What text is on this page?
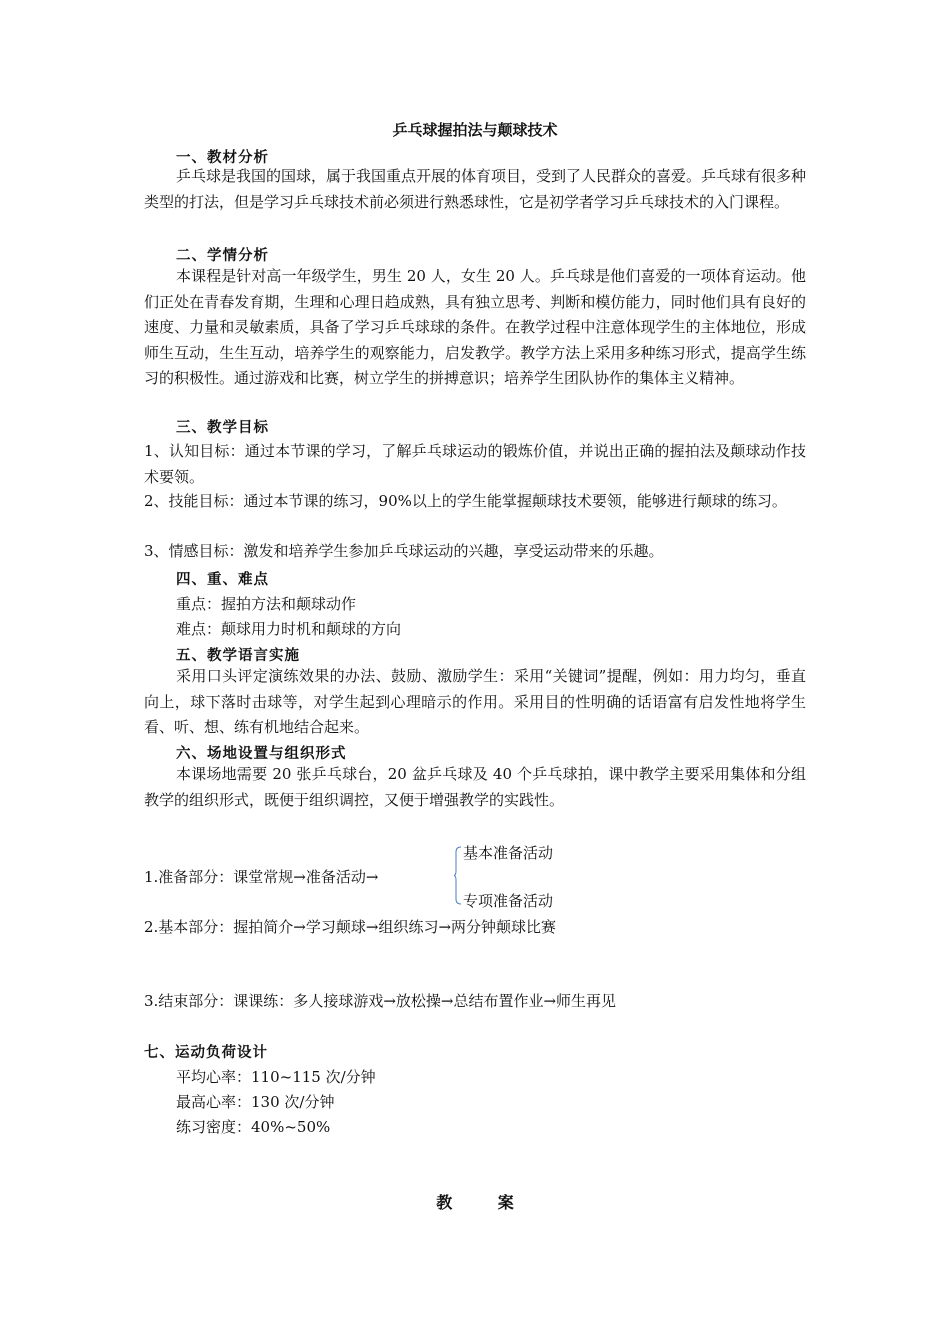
乒乓球握拍法与颠球技术
一、教材分析
乒乓球是我国的国球，属于我国重点开展的体育项目，受到了人民群众的喜爱。乒乓球有很多种类型的打法，但是学习乒乓球技术前必须进行熟悉球性，它是初学者学习乒乓球技术的入门课程。
二、学情分析
本课程是针对高一年级学生，男生 20 人，女生 20 人。乒乓球是他们喜爱的一项体育运动。他们正处在青春发育期，生理和心理日趋成熟，具有独立思考、判断和模仿能力，同时他们具有良好的速度、力量和灵敏素质，具备了学习乒乓球球的条件。在教学过程中注意体现学生的主体地位，形成师生互动，生生互动，培养学生的观察能力，启发教学。教学方法上采用多种练习形式，提高学生练习的积极性。通过游戏和比赛，树立学生的拼搏意识；培养学生团队协作的集体主义精神。
三、教学目标
1、认知目标：通过本节课的学习，了解乒乓球运动的锻炼价值，并说出正确的握拍法及颠球动作技术要领。
2、技能目标：通过本节课的练习，90%以上的学生能掌握颠球技术要领，能够进行颠球的练习。
3、情感目标：激发和培养学生参加乒乓球运动的兴趣，享受运动带来的乐趣。
四、重、难点
重点：握拍方法和颠球动作
难点：颠球用力时机和颠球的方向
五、教学语言实施
采用口头评定演练效果的办法、鼓励、激励学生：采用“关键词”提醒，例如：用力均匀，垂直向上，球下落时击球等，对学生起到心理暗示的作用。采用目的性明确的话语富有启发性地将学生看、听、想、练有机地结合起来。
六、场地设置与组织形式
本课场地需要 20 张乒乓球台，20 盆乒乓球及 40 个乒乓球拍，课中教学主要采用集体和分组教学的组织形式，既便于组织调控，又便于增强教学的实践性。
基本准备活动
1.准备部分：课堂常规→准备活动→
专项准备活动
2.基本部分：握拍简介→学习颠球→组织练习→两分钟颠球比赛
3.结束部分：课课练：多人接球游戏→放松操→总结布置作业→师生再见
七、运动负荷设计
平均心率：110~115 次/分钟
最高心率：130 次/分钟
练习密度：40%~50%
教 案
